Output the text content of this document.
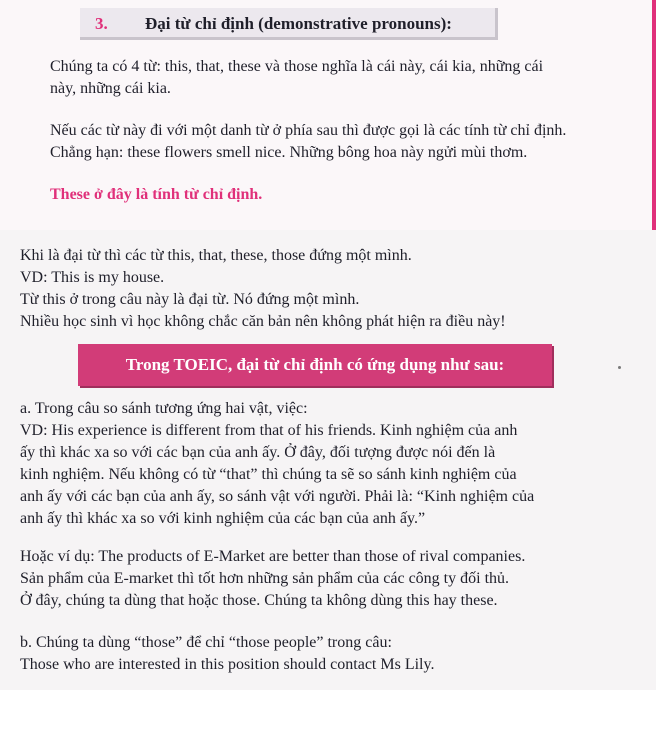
3. Đại từ chỉ định (demonstrative pronouns):

Chúng ta có 4 từ: this, that, these và those nghĩa là cái này, cái kia, những cái
này, những cái kia.

Nếu các từ này đi với một danh từ ở phía sau thì được gọi là các tính từ chỉ định.
Chẳng hạn: these flowers smell nice. Những bông hoa này ngửi mùi thơm.

These ở đây là tính từ chỉ định.

Khi là đại từ thì các từ this, that, these, those đứng một mình.
VD: This is my house.
Từ this ở trong câu này là đại từ. Nó đứng một mình.
Nhiều học sinh vì học không chắc căn bản nên không phát hiện ra điều này!

Trong TOEIC, đại từ chỉ định có ứng dụng như sau:

a. Trong câu so sánh tương ứng hai vật, việc:
VD: His experience is different from that of his friends. Kinh nghiệm của anh
ấy thì khác xa so với các bạn của anh ấy. Ở đây, đối tượng được nói đến là
kinh nghiệm. Nếu không có từ “that” thì chúng ta sẽ so sánh kinh nghiệm của
anh ấy với các bạn của anh ấy, so sánh vật với người. Phải là: “Kinh nghiệm của
anh ấy thì khác xa so với kinh nghiệm của các bạn của anh ấy.”

Hoặc ví dụ: The products of E-Market are better than those of rival companies.
Sản phẩm của E-market thì tốt hơn những sản phẩm của các công ty đối thủ.
Ở đây, chúng ta dùng that hoặc those. Chúng ta không dùng this hay these.

b. Chúng ta dùng “those” để chỉ “those people” trong câu:
Those who are interested in this position should contact Ms Lily.
